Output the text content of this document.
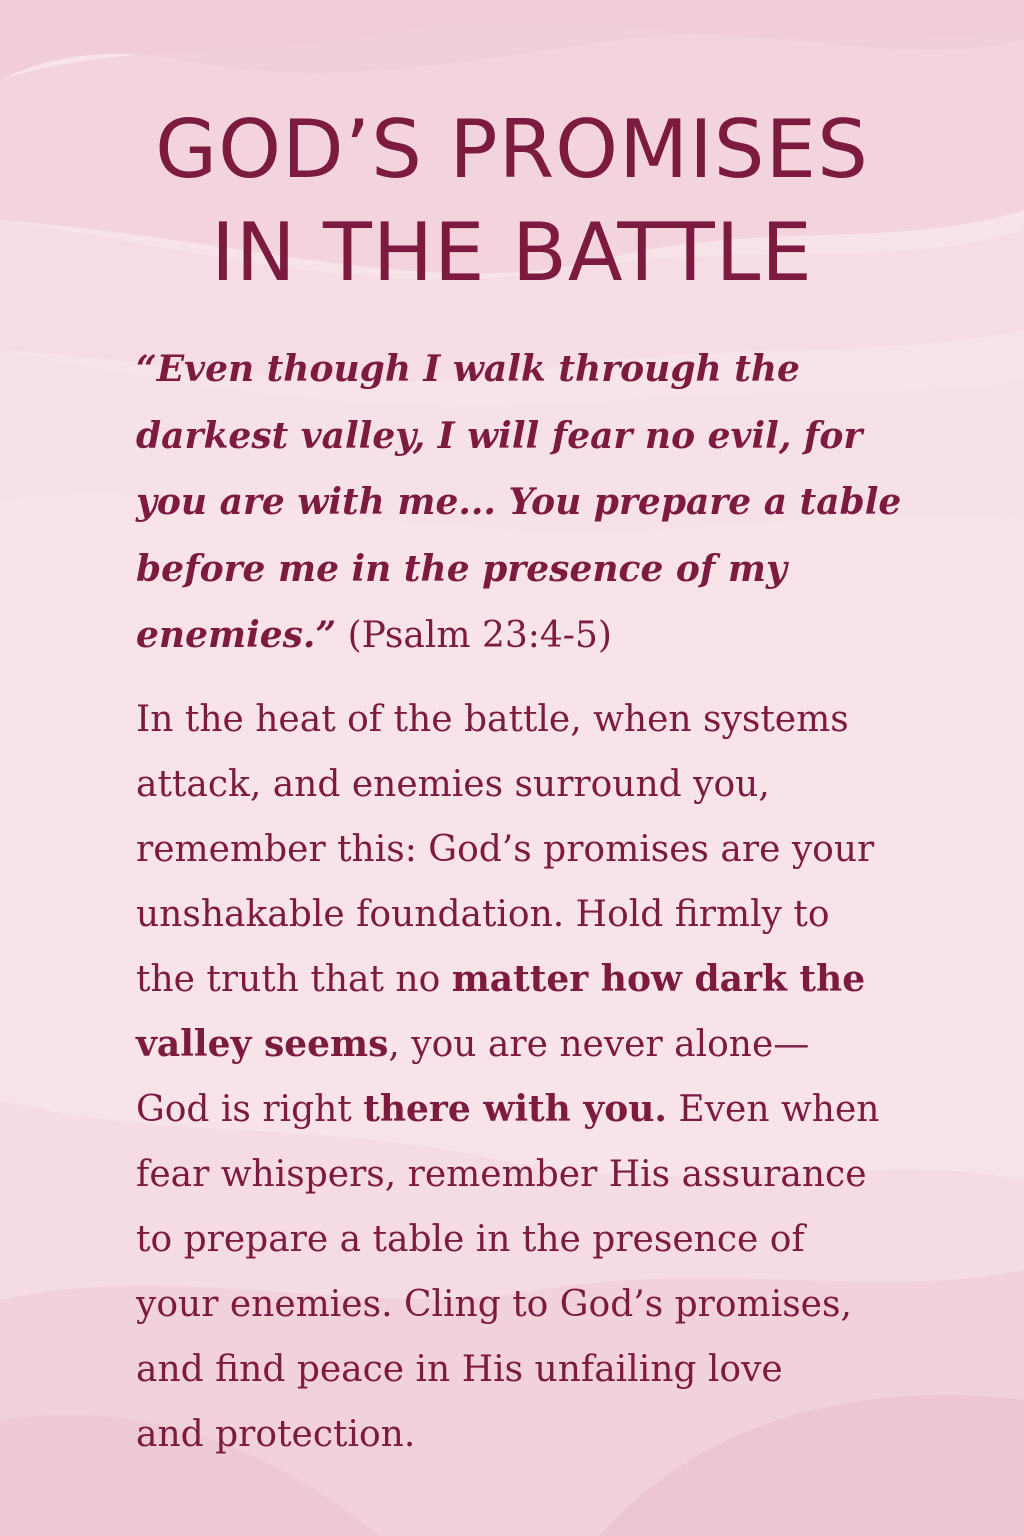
GOD’S PROMISES
IN THE BATTLE

“Even though I walk through the
darkest valley, I will fear no evil, for
you are with me... You prepare a table
before me in the presence of my
enemies.” (Psalm 23:4-5)

In the heat of the battle, when systems
attack, and enemies surround you,
remember this: God’s promises are your
unshakable foundation. Hold firmly to
the truth that no matter how dark the
valley seems, you are never alone—
God is right there with you. Even when
fear whispers, remember His assurance
to prepare a table in the presence of
your enemies. Cling to God’s promises,
and find peace in His unfailing love
and protection.
